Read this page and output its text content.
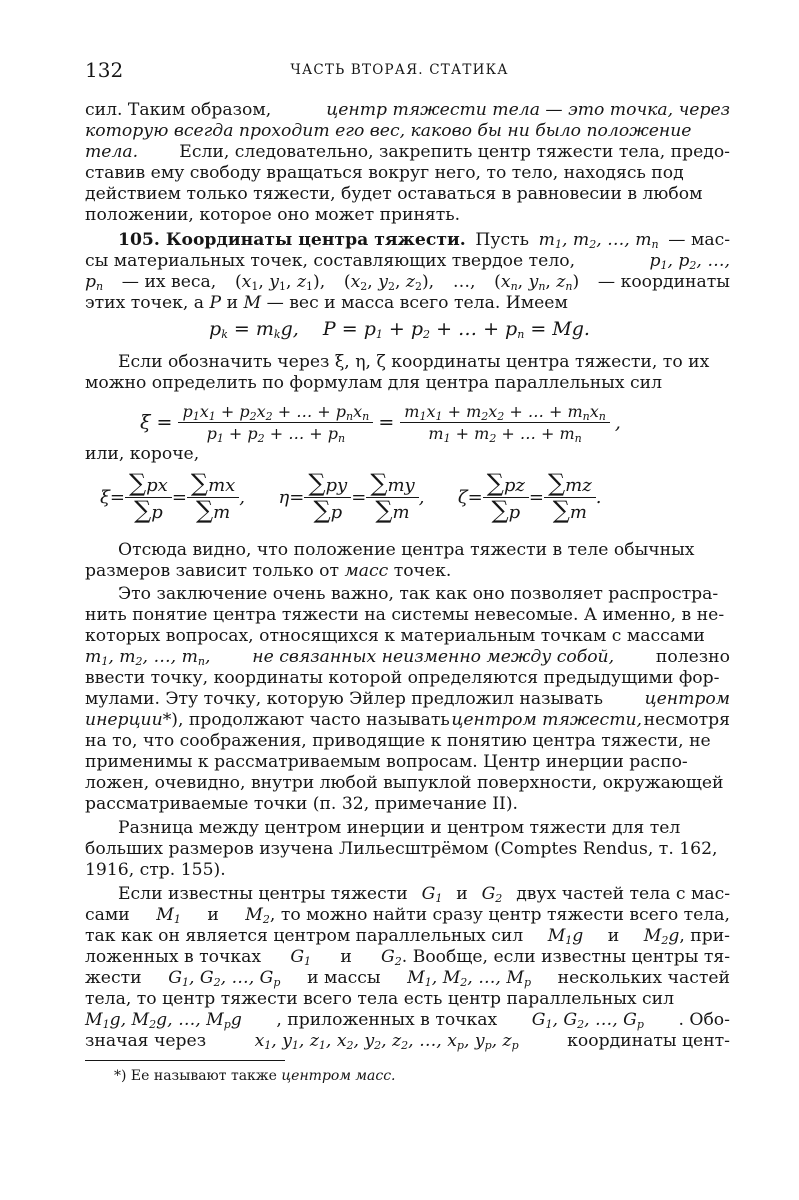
132	ЧАСТЬ ВТОРАЯ. СТАТИКА
сил. Таким образом,	центр тяжести тела — это точка, через
которую всегда проходит его вес, каково бы ни было положение
тела. Если, следовательно, закрепить центр тяжести тела, предо-
ставив ему свободу вращаться вокруг него, то тело, находясь под
действием только тяжести, будет оставаться в равновесии в любом
положении, которое оно может принять.
105. Координаты центра тяжести. Пусть $m_1$, $m_2$, …, $m_n$ — мас-
сы материальных точек, составляющих твердое тело,	$p_1$, $p_2$, …,
$p_n$ — их веса, ($x_1$, $y_1$, $z_1$), ($x_2$, $y_2$, $z_2$), …, ($x_n$, $y_n$, $z_n$) — координаты
этих точек, а
P
и
M
— вес и масса всего тела. Имеем
$p_k = m_kg$,    $P = p_1 + p_2$ + … + $p_n = Mg$.
Если обозначить через ξ, η, ζ координаты центра тяжести, то их
можно определить по формулам для центра параллельных сил
$\xi = \frac{p_1x_1 + p_2x_2 + \dots + p_nx_n}{p_1 + p_2 + \dots + p_n} = \frac{m_1x_1 + m_2x_2 + \dots + m_nx_n}{m_1 + m_2 + \dots + m_n}$ ,
или, короче,
$\xi= \frac{\sum px}{\sum p} = \frac{\sum mx}{\sum m}$ , $\eta= \frac{\sum py}{\sum p} = \frac{\sum my}{\sum m}$ , $\zeta= \frac{\sum pz}{\sum p} = \frac{\sum mz}{\sum m}$ .
Отсюда видно, что положение центра тяжести в теле обычных
размеров зависит только от
масс
точек.
Это заключение очень важно, так как оно позволяет распростра-
нить понятие центра тяжести на системы невесомые. А именно, в не-
которых вопросах, относящихся к материальным точкам с массами
$m_1$, $m_2$, …, $m_n$, не связанных неизменно между собой, полезно
ввести точку, координаты которой определяются предыдущими фор-
мулами. Эту точку, которую Эйлер предложил называть центром
инерции*), продолжают часто называть центром тяжести, несмотря
на то, что соображения, приводящие к понятию центра тяжести, не
применимы к рассматриваемым вопросам. Центр инерции распо-
ложен, очевидно, внутри любой выпуклой поверхности, окружающей
рассматриваемые точки (п. 32, примечание II).
Разница между центром инерции и центром тяжести для тел
больших размеров изучена Лильесштрёмом (Comptes Rendus, т. 162,
1916, стр. 155).
Если известны центры тяжести $G_1$ и $G_2$ двух частей тела с мас-
сами $M_1$ и $M_2$, то можно найти сразу центр тяжести всего тела,
так как он является центром параллельных сил $M_1g$ и $M_2g$, при-
ложенных в точках $G_1$ и $G_2$. Вообще, если известны центры тя-
жести $G_1$, $G_2$, …, $G_p$ и массы $M_1$, $M_2$, …, $M_p$ нескольких частей
тела, то центр тяжести всего тела есть центр параллельных сил
$M_1g$, $M_2g$, …, $M_pg$ , приложенных в точках $G_1$, $G_2$, …, $G_p$ . Обо-
значая через	$x_1$, $y_1$, $z_1$, $x_2$, $y_2$, $z_2$, …, $x_p$, $y_p$, $z_p$	координаты цент-
*) Ее называют также центром масс.
